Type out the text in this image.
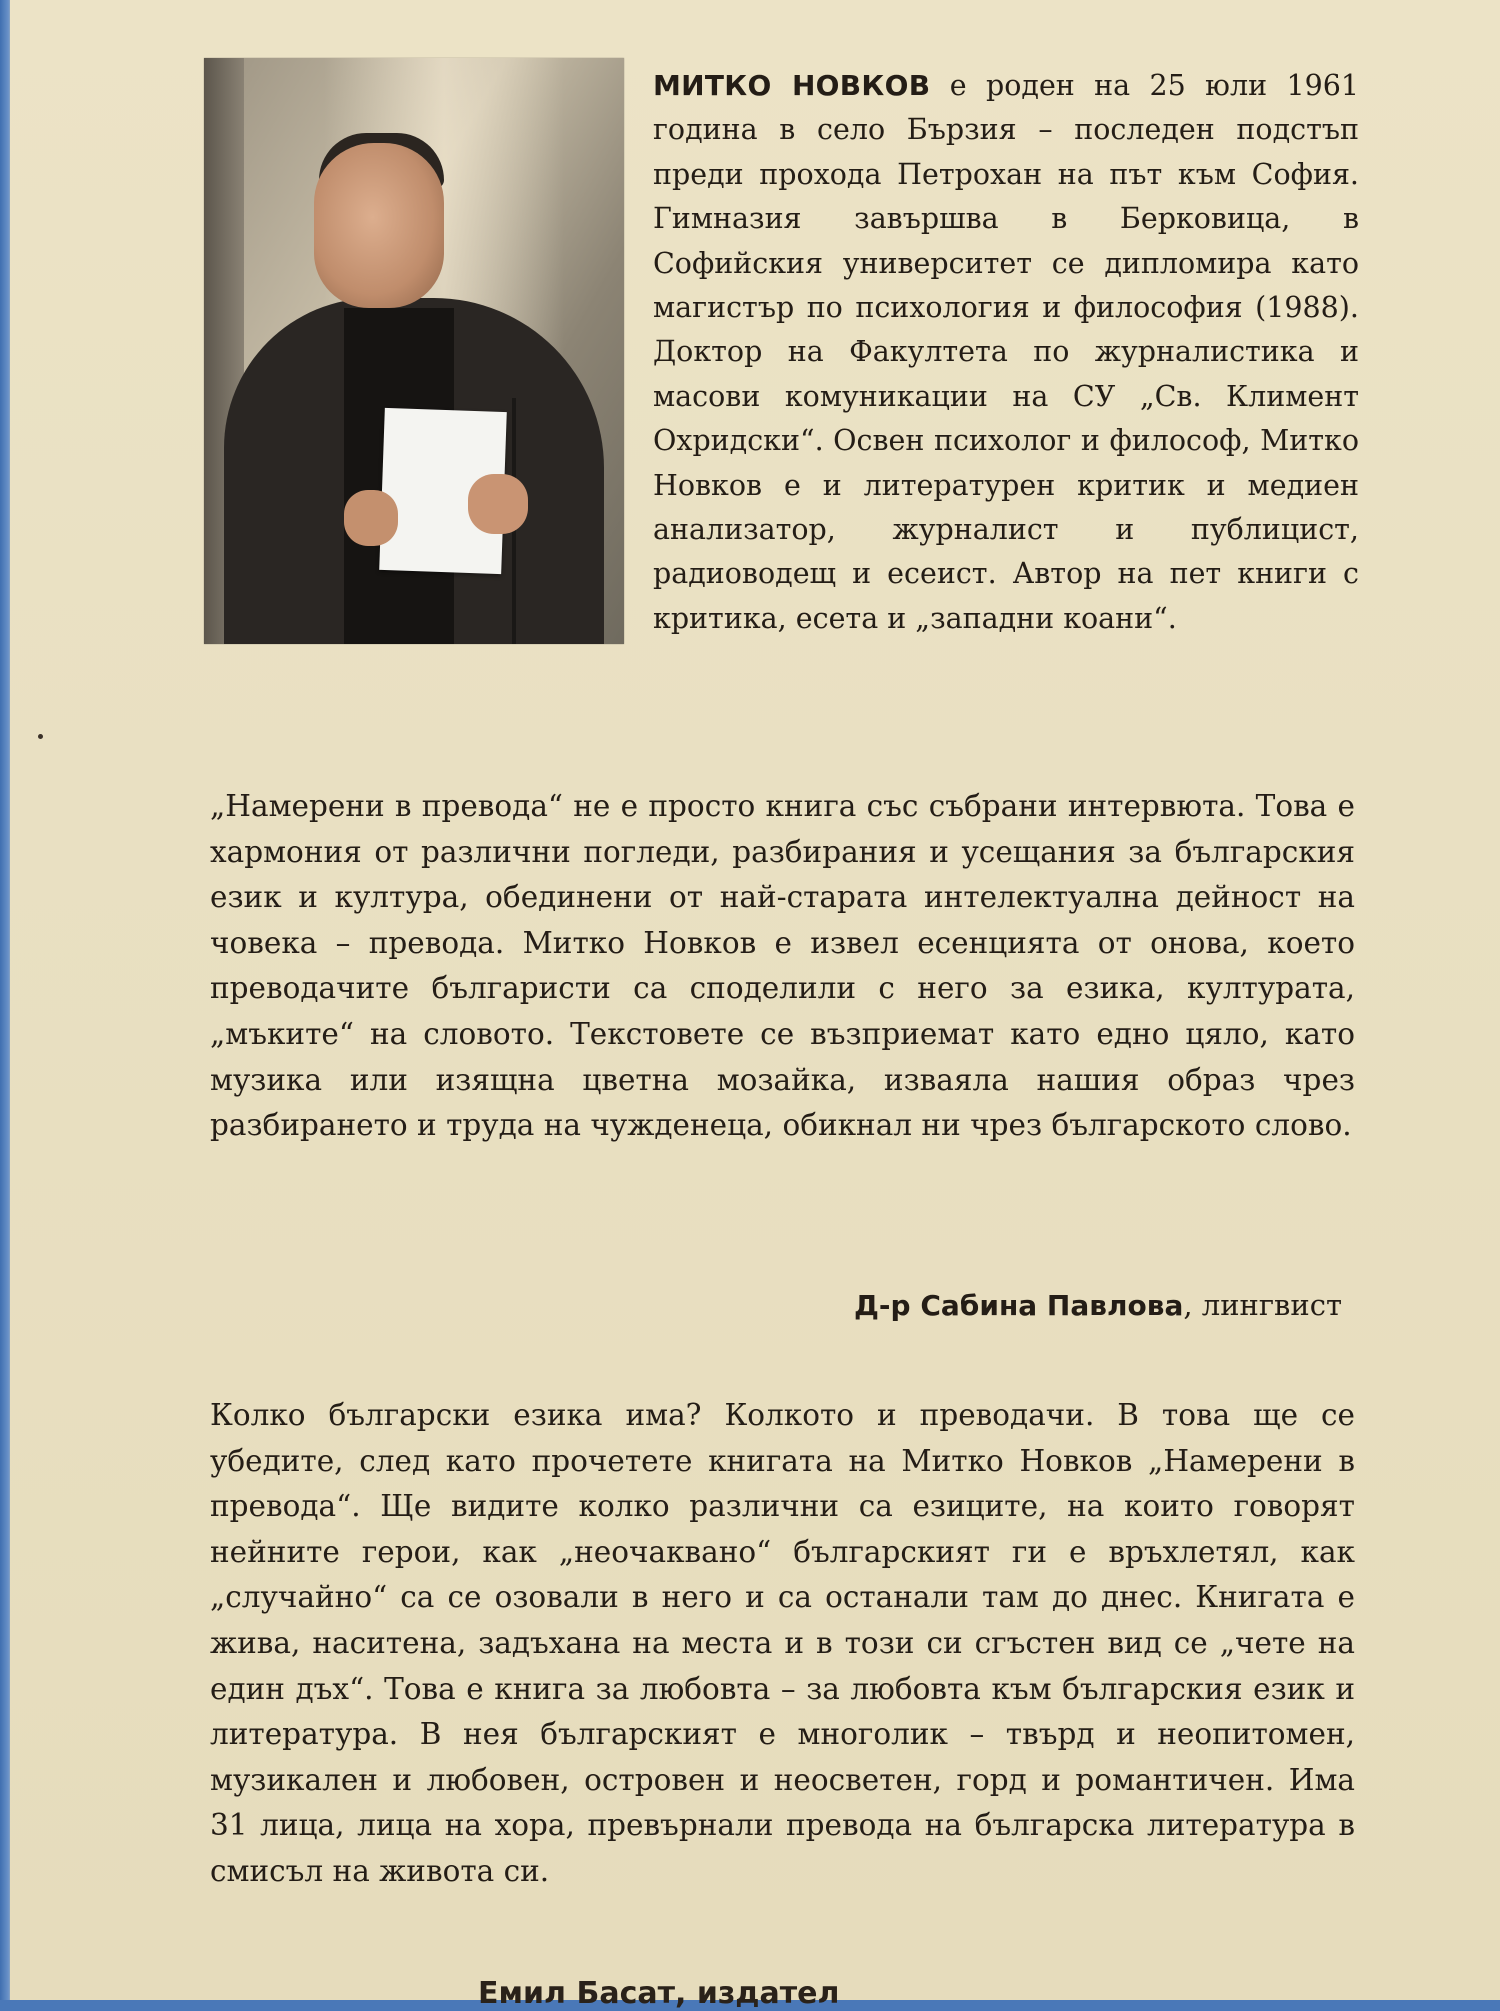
МИТКО НОВКОВ е роден на 25 юли 1961 година в село Бързия – последен подстъп преди прохода Петрохан на път към София. Гимназия завършва в Берковица, в Софийския университет се дипломира като магистър по психология и философия (1988). Доктор на Факултета по журналистика и масови комуникации на СУ „Св. Климент Охридски“. Освен психолог и философ, Митко Новков е и литературен критик и медиен анализатор, журналист и публицист, радиоводещ и есеист. Автор на пет книги с критика, есета и „западни коани“.
„Намерени в превода“ не е просто книга със събрани интервюта. Това е хармония от различни погледи, разбирания и усещания за българския език и култура, обединени от най-старата интелектуална дейност на човека – превода. Митко Новков е извел есенцията от онова, което преводачите българисти са споделили с него за езика, културата, „мъките“ на словото. Текстовете се възприемат като едно цяло, като музика или изящна цветна мозайка, изваяла нашия образ чрез разбирането и труда на чужденеца, обикнал ни чрез българското слово.
Д-р Сабина Павлова, лингвист
Колко български езика има? Колкото и преводачи. В това ще се убедите, след като прочетете книгата на Митко Новков „Намерени в превода“. Ще видите колко различни са езиците, на които говорят нейните герои, как „неочаквано“ българският ги е връхлетял, как „случайно“ са се озовали в него и са останали там до днес. Книгата е жива, наситена, задъхана на места и в този си сгъстен вид се „чете на един дъх“. Това е книга за любовта – за любовта към българския език и литература. В нея българският е многолик – твърд и неопитомен, музикален и любовен, островен и неосветен, горд и романтичен. Има 31 лица, лица на хора, превърнали превода на българска литература в смисъл на живота си.
Емил Басат, издател
